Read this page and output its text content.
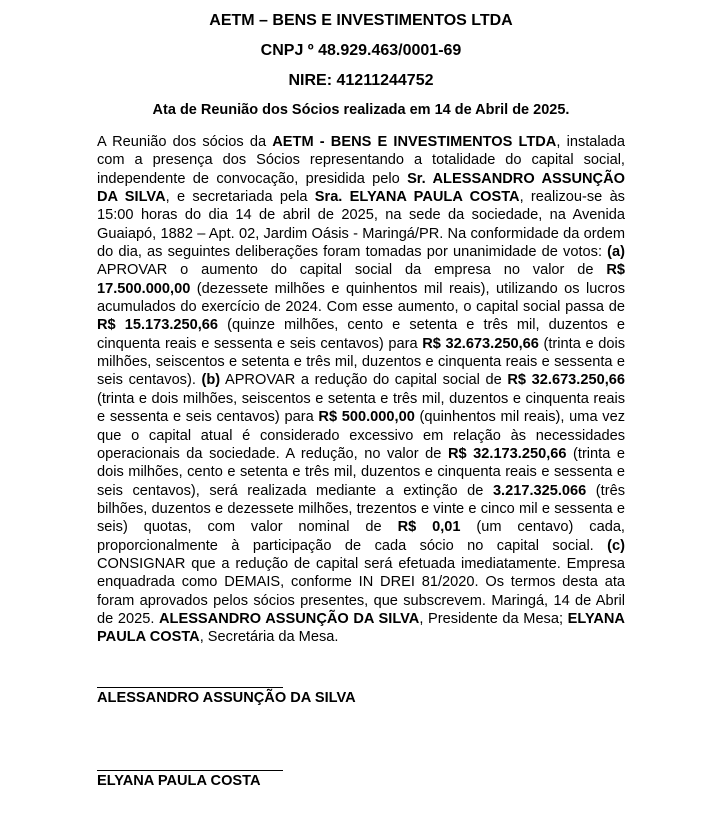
AETM – BENS E INVESTIMENTOS LTDA
CNPJ º 48.929.463/0001-69
NIRE: 41211244752
Ata de Reunião dos Sócios realizada em 14 de Abril de 2025.

A Reunião dos sócios da AETM - BENS E INVESTIMENTOS LTDA, instalada com a presença dos Sócios representando a totalidade do capital social, independente de convocação, presidida pelo Sr. ALESSANDRO ASSUNÇÃO DA SILVA, e secretariada pela Sra. ELYANA PAULA COSTA, realizou-se às 15:00 horas do dia 14 de abril de 2025, na sede da sociedade, na Avenida Guaiapó, 1882 – Apt. 02, Jardim Oásis - Maringá/PR. Na conformidade da ordem do dia, as seguintes deliberações foram tomadas por unanimidade de votos: (a) APROVAR o aumento do capital social da empresa no valor de R$ 17.500.000,00 (dezessete milhões e quinhentos mil reais), utilizando os lucros acumulados do exercício de 2024. Com esse aumento, o capital social passa de R$ 15.173.250,66 (quinze milhões, cento e setenta e três mil, duzentos e cinquenta reais e sessenta e seis centavos) para R$ 32.673.250,66 (trinta e dois milhões, seiscentos e setenta e três mil, duzentos e cinquenta reais e sessenta e seis centavos). (b) APROVAR a redução do capital social de R$ 32.673.250,66 (trinta e dois milhões, seiscentos e setenta e três mil, duzentos e cinquenta reais e sessenta e seis centavos) para R$ 500.000,00 (quinhentos mil reais), uma vez que o capital atual é considerado excessivo em relação às necessidades operacionais da sociedade. A redução, no valor de R$ 32.173.250,66 (trinta e dois milhões, cento e setenta e três mil, duzentos e cinquenta reais e sessenta e seis centavos), será realizada mediante a extinção de 3.217.325.066 (três bilhões, duzentos e dezessete milhões, trezentos e vinte e cinco mil e sessenta e seis) quotas, com valor nominal de R$ 0,01 (um centavo) cada, proporcionalmente à participação de cada sócio no capital social. (c) CONSIGNAR que a redução de capital será efetuada imediatamente. Empresa enquadrada como DEMAIS, conforme IN DREI 81/2020. Os termos desta ata foram aprovados pelos sócios presentes, que subscrevem. Maringá, 14 de Abril de 2025. ALESSANDRO ASSUNÇÃO DA SILVA, Presidente da Mesa; ELYANA PAULA COSTA, Secretária da Mesa.

ALESSANDRO ASSUNÇÃO DA SILVA
ELYANA PAULA COSTA
